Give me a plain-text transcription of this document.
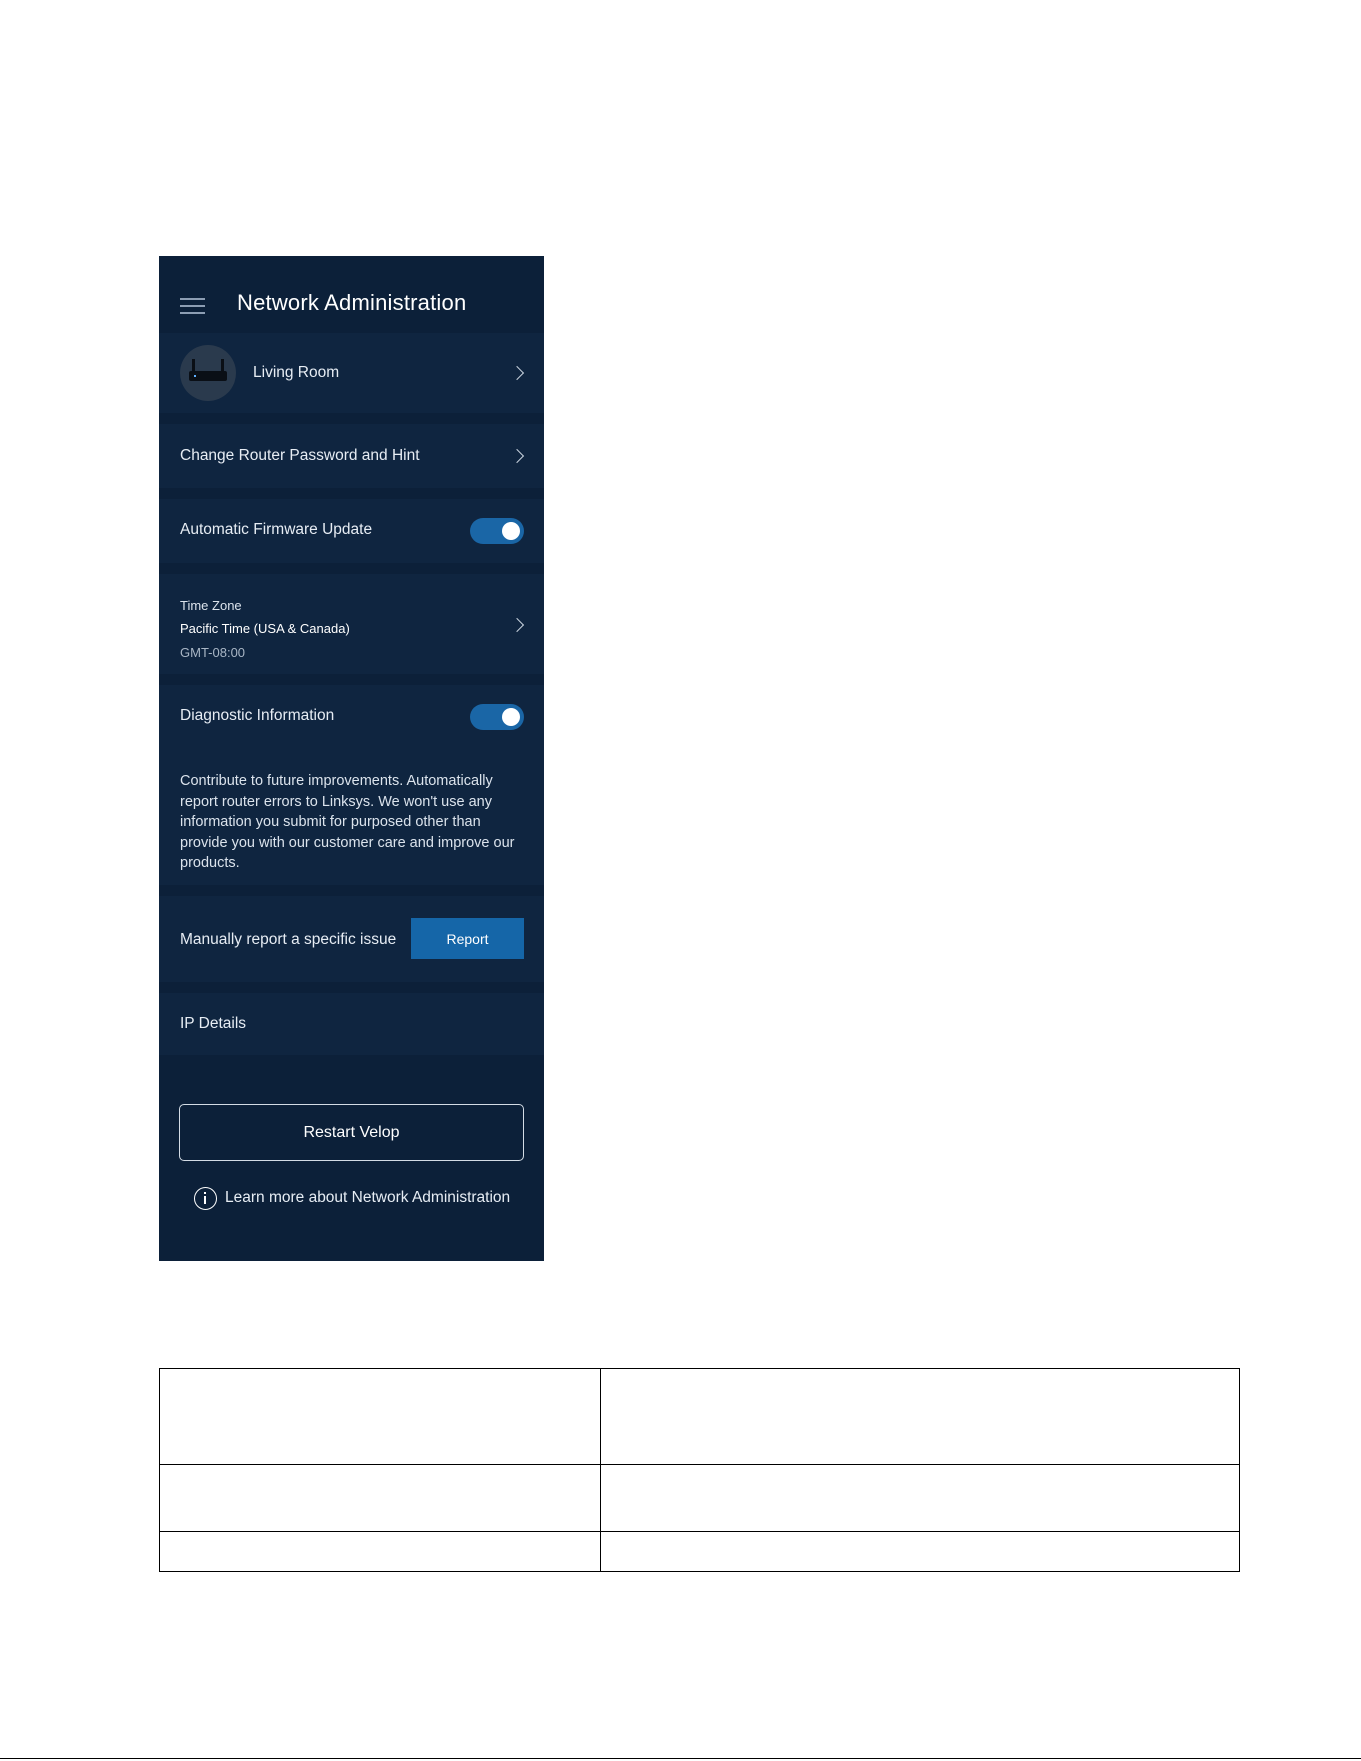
Network Administration
Living Room
Change Router Password and Hint
Automatic Firmware Update
Time Zone
Pacific Time (USA & Canada)
GMT-08:00
Diagnostic Information
Contribute to future improvements. Automatically report router errors to Linksys. We won't use any information you submit for purposed other than provide you with our customer care and improve our products.
Manually report a specific issue	Report
IP Details
Restart Velop
Learn more about Network Administration
